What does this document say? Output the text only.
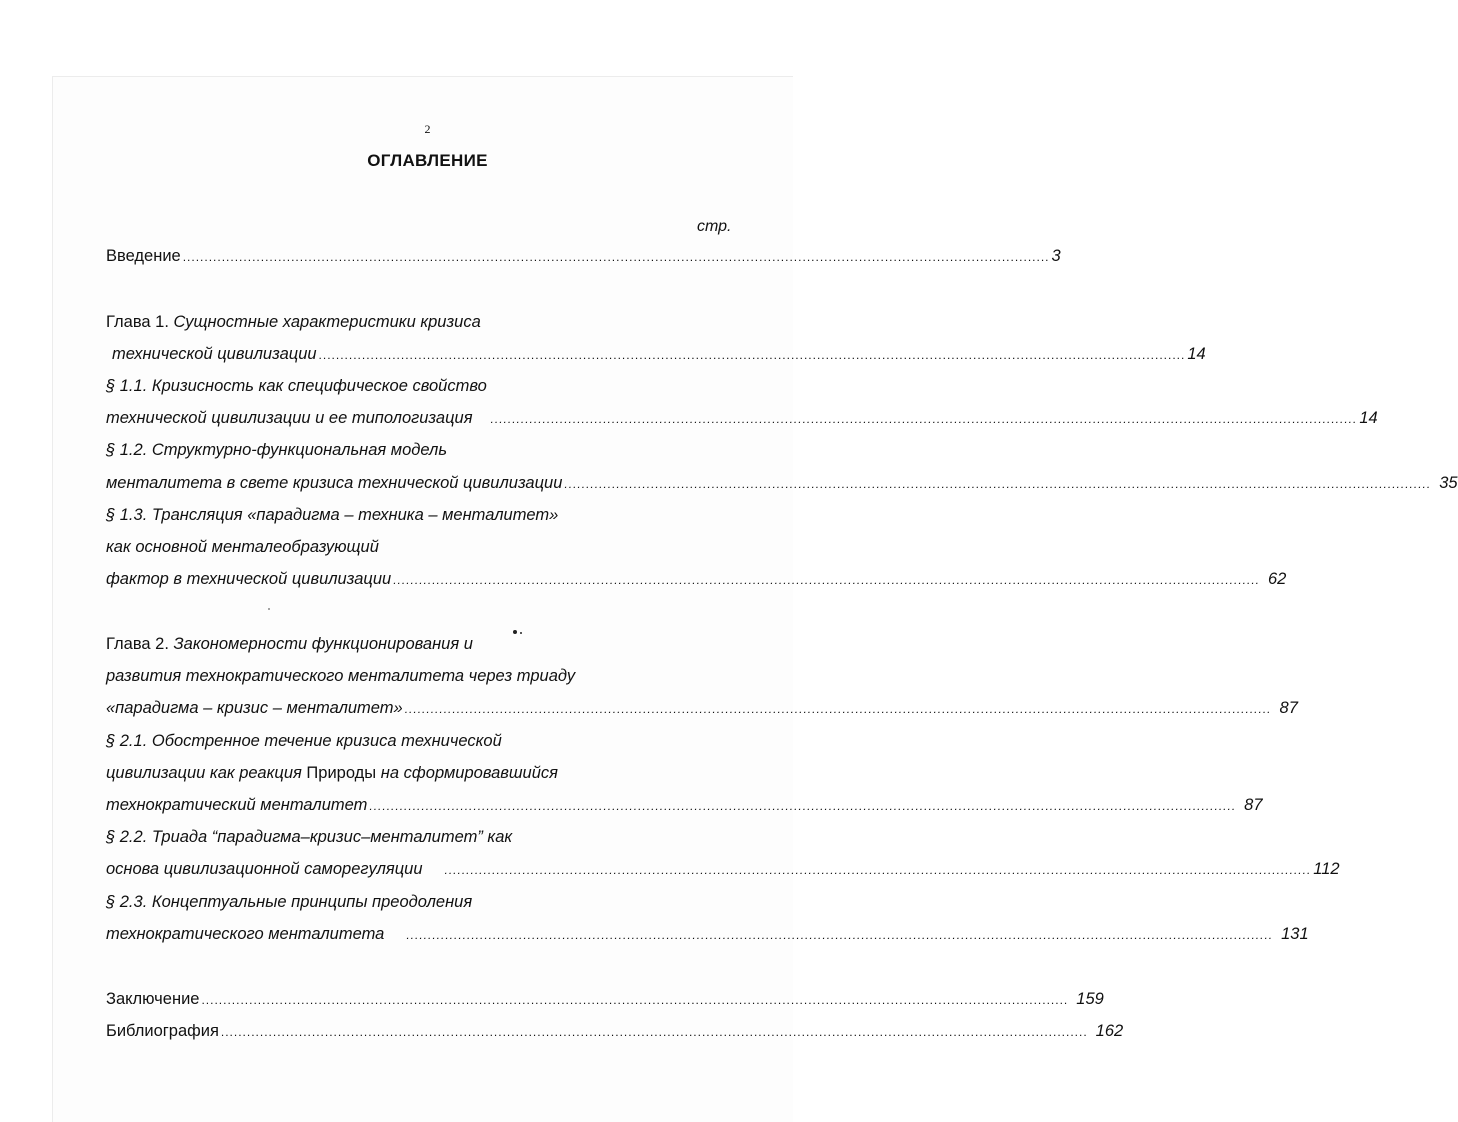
2
ОГЛАВЛЕНИЕ
стр.
Введение ........................................................................................................................................................................................................ 3
Глава 1. Сущностные характеристики кризиса
технической цивилизации ........................................................................................................................................................................................................ 14
§ 1.1. Кризисность как специфическое свойство
технической цивилизации и ее типологизация ........................................................................................................................................................................................................ 14
§ 1.2. Структурно-функциональная модель
менталитета в свете кризиса технической цивилизации ........................................................................................................................................................................................................ 35
§ 1.3. Трансляция «парадигма – техника – менталитет»
как основной менталеобразующий
фактор в технической цивилизации ........................................................................................................................................................................................................ 62
Глава 2. Закономерности функционирования и
развития технократического менталитета через триаду
«парадигма – кризис – менталитет» ........................................................................................................................................................................................................ 87
§ 2.1. Обостренное течение кризиса технической
цивилизации как реакция Природы на сформировавшийся
технократический менталитет ........................................................................................................................................................................................................ 87
§ 2.2. Триада “парадигма–кризис–менталитет” как
основа цивилизационной саморегуляции ........................................................................................................................................................................................................ 112
§ 2.3. Концептуальные принципы преодоления
технократического менталитета ........................................................................................................................................................................................................ 131
Заключение ........................................................................................................................................................................................................ 159
Библиография ........................................................................................................................................................................................................ 162
